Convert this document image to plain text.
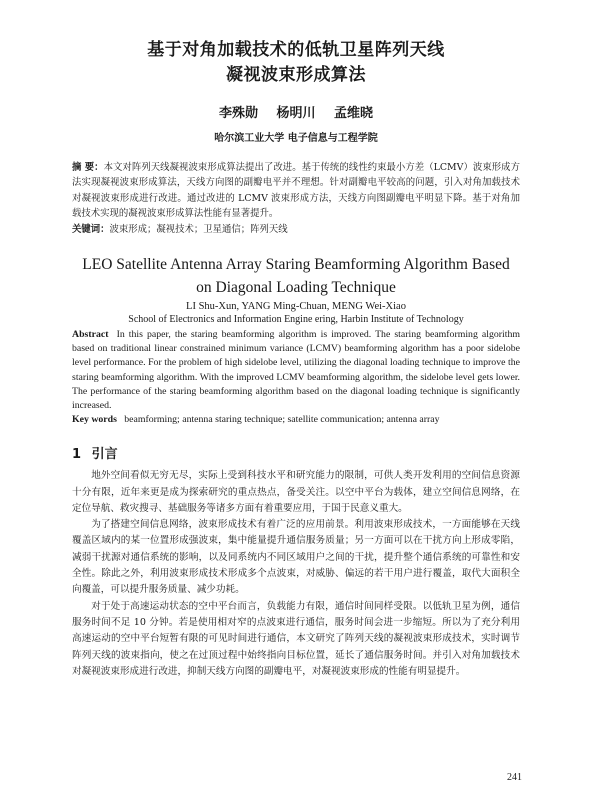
基于对角加载技术的低轨卫星阵列天线
凝视波束形成算法
李殊勋 杨明川 孟维晓
哈尔滨工业大学 电子信息与工程学院
摘 要：本文对阵列天线凝视波束形成算法提出了改进。基于传统的线性约束最小方差（LCMV）波束形成方法实现凝视波束形成算法，天线方向图的副瓣电平并不理想。针对副瓣电平较高的问题，引入对角加载技术对凝视波束形成进行改进。通过改进的 LCMV 波束形成方法，天线方向图副瓣电平明显下降。基于对角加载技术实现的凝视波束形成算法性能有显著提升。
关键词：波束形成；凝视技术；卫星通信；阵列天线
LEO Satellite Antenna Array Staring Beamforming Algorithm Based
on Diagonal Loading Technique
LI Shu-Xun, YANG Ming-Chuan, MENG Wei-Xiao
School of Electronics and Information Engine ering, Harbin Institute of Technology
Abstract In this paper, the staring beamforming algorithm is improved. The staring beamforming algorithm based on traditional linear constrained minimum variance (LCMV) beamforming algorithm has a poor sidelobe level performance. For the problem of high sidelobe level, utilizing the diagonal loading technique to improve the staring beamforming algorithm. With the improved LCMV beamforming algorithm, the sidelobe level gets lower. The performance of the staring beamforming algorithm based on the diagonal loading technique is significantly increased.
Key words beamforming; antenna staring technique; satellite communication; antenna array
1 引言

地外空间看似无穷无尽，实际上受到科技水平和研究能力的限制，可供人类开发利用的空间信息资源十分有限，近年来更是成为探索研究的重点热点，备受关注。以空中平台为载体，建立空间信息网络，在定位导航、救灾搜寻、基础服务等诸多方面有着重要应用，于国于民意义重大。

为了搭建空间信息网络，波束形成技术有着广泛的应用前景。利用波束形成技术，一方面能够在天线覆盖区域内的某一位置形成强波束，集中能量提升通信服务质量；另一方面可以在干扰方向上形成零陷，减弱干扰源对通信系统的影响，以及同系统内不同区域用户之间的干扰，提升整个通信系统的可靠性和安全性。除此之外，利用波束形成技术形成多个点波束，对威胁、偏远的若干用户进行覆盖，取代大面积全向覆盖，可以提升服务质量、减少功耗。

对于处于高速运动状态的空中平台而言，负载能力有限，通信时间同样受限。以低轨卫星为例，通信服务时间不足 10 分钟。若是使用相对窄的点波束进行通信，服务时间会进一步缩短。所以为了充分利用高速运动的空中平台短暂有限的可见时间进行通信，本文研究了阵列天线的凝视波束形成技术，实时调节阵列天线的波束指向，使之在过顶过程中始终指向目标位置，延长了通信服务时间。并引入对角加载技术对凝视波束形成进行改进，抑制天线方向图的副瓣电平，对凝视波束形成的性能有明显提升。

241
